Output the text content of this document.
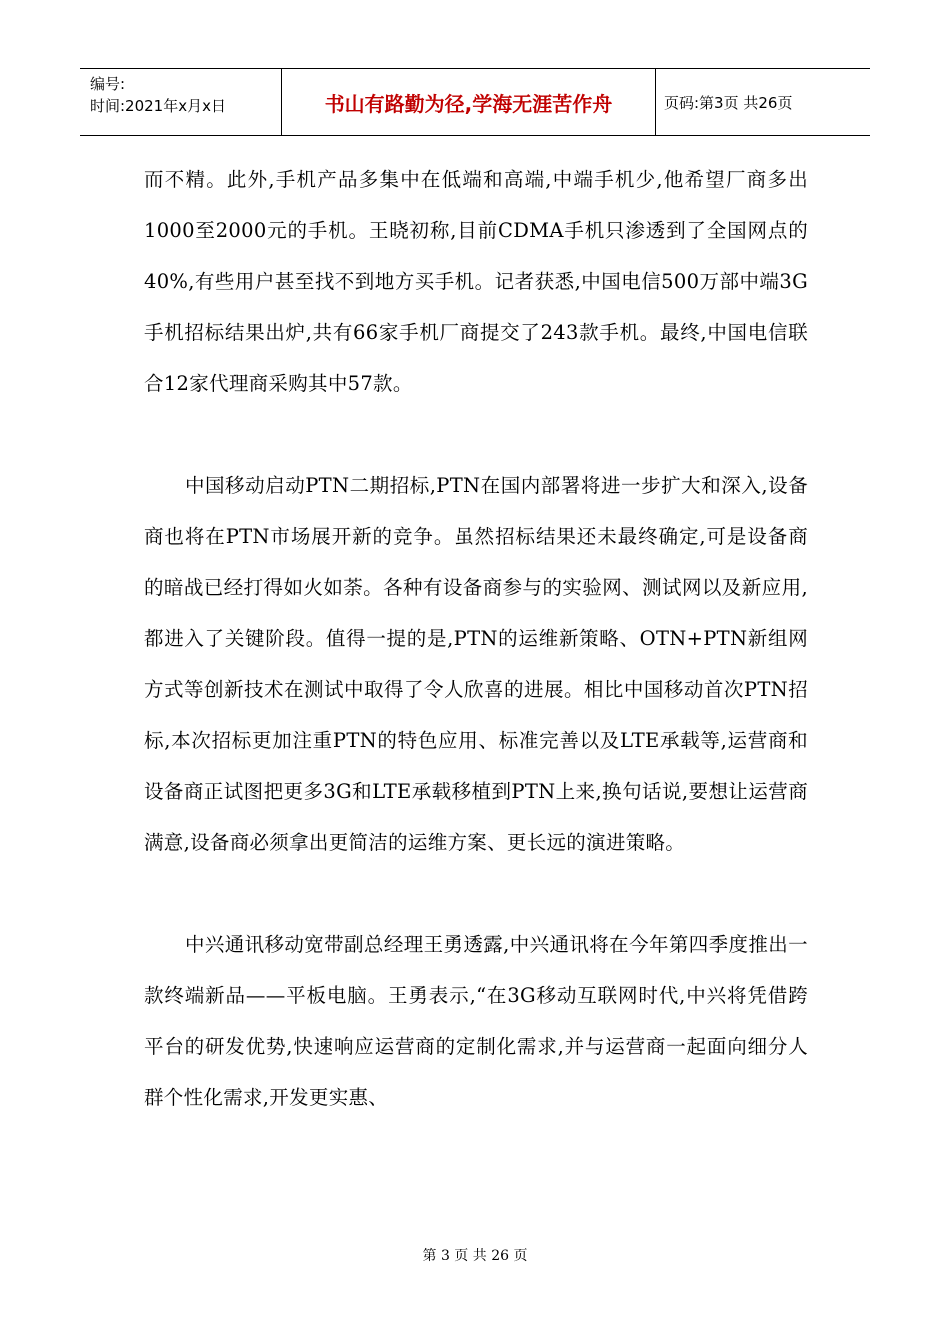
编号:
时间:2021年x月x日	书山有路勤为径,学海无涯苦作舟	页码:第3页 共26页

而不精。此外,手机产品多集中在低端和高端,中端手机少,他希望厂商多出1000至2000元的手机。王晓初称,目前CDMA手机只渗透到了全国网点的40%,有些用户甚至找不到地方买手机。记者获悉,中国电信500万部中端3G手机招标结果出炉,共有66家手机厂商提交了243款手机。最终,中国电信联合12家代理商采购其中57款。

中国移动启动PTN二期招标,PTN在国内部署将进一步扩大和深入,设备商也将在PTN市场展开新的竞争。虽然招标结果还未最终确定,可是设备商的暗战已经打得如火如荼。各种有设备商参与的实验网、测试网以及新应用,都进入了关键阶段。值得一提的是,PTN的运维新策略、OTN+PTN新组网方式等创新技术在测试中取得了令人欣喜的进展。相比中国移动首次PTN招标,本次招标更加注重PTN的特色应用、标准完善以及LTE承载等,运营商和设备商正试图把更多3G和LTE承载移植到PTN上来,换句话说,要想让运营商满意,设备商必须拿出更简洁的运维方案、更长远的演进策略。

中兴通讯移动宽带副总经理王勇透露,中兴通讯将在今年第四季度推出一款终端新品——平板电脑。王勇表示,“在3G移动互联网时代,中兴将凭借跨平台的研发优势,快速响应运营商的定制化需求,并与运营商一起面向细分人群个性化需求,开发更实惠、

第 3 页 共 26 页
